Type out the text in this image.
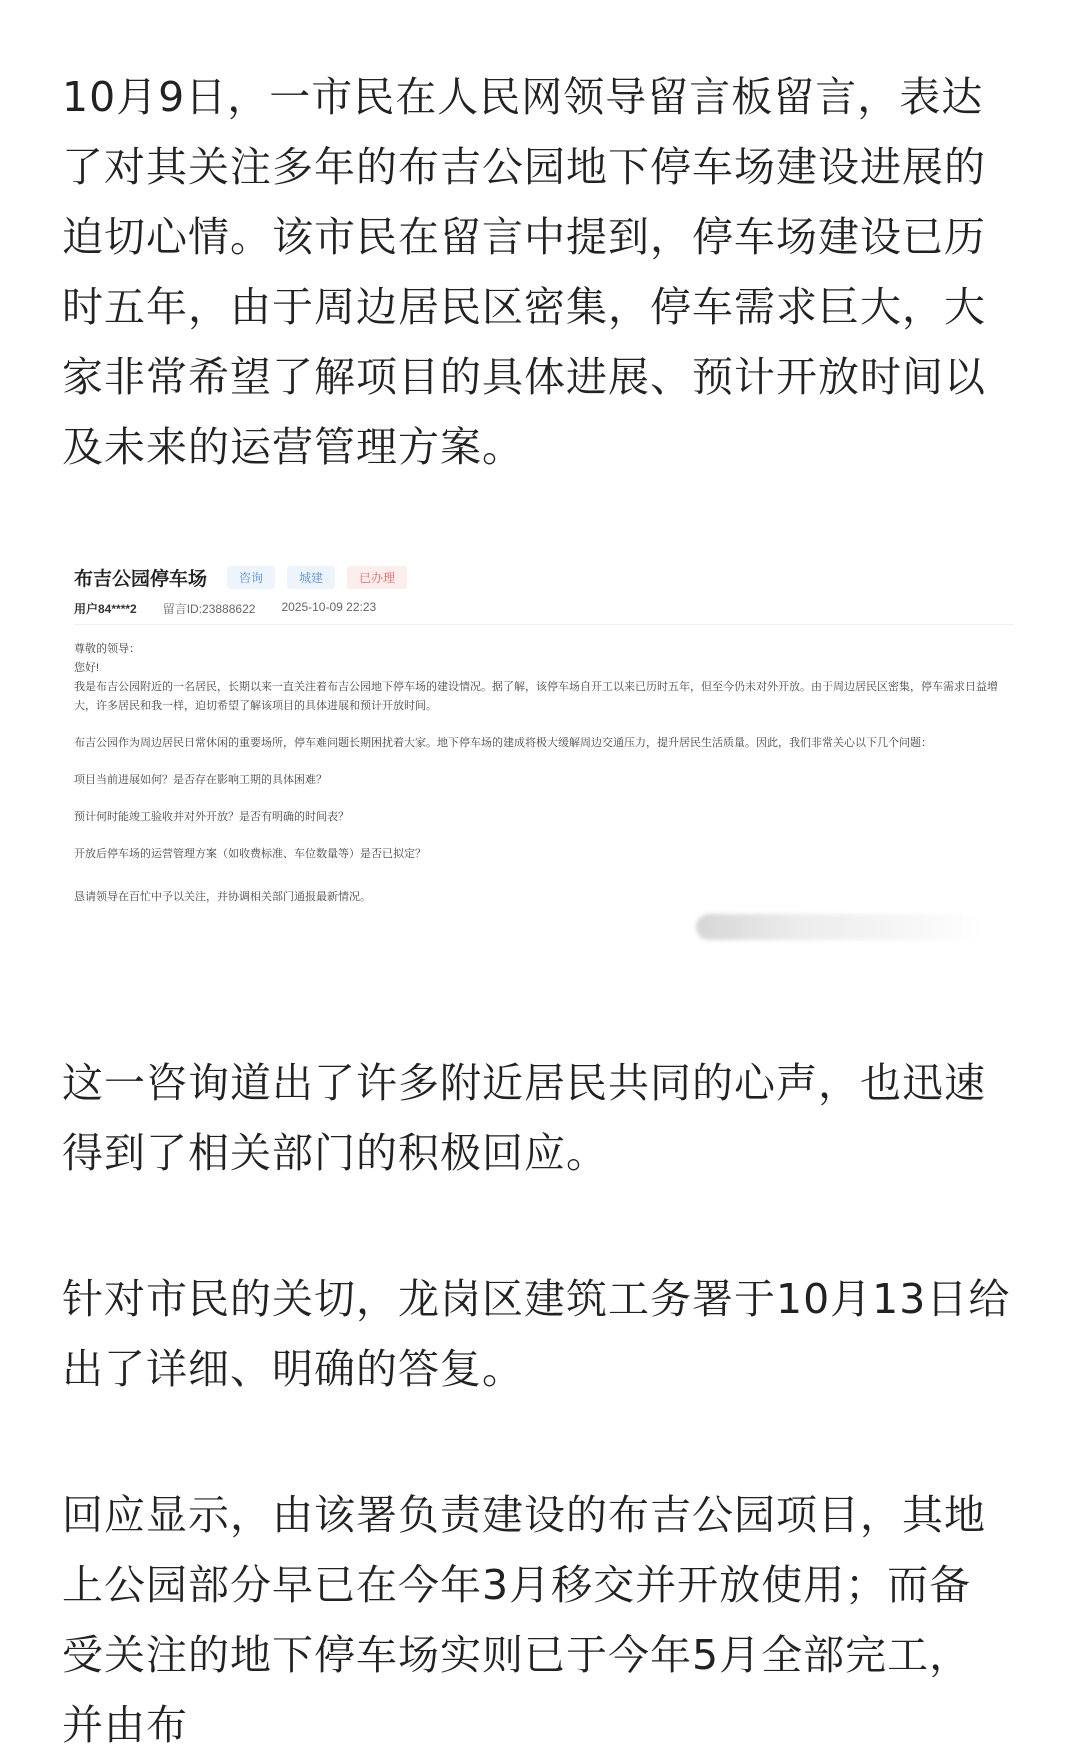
10月9日，一市民在人民网领导留言板留言，表达了对其关注多年的布吉公园地下停车场建设进展的迫切心情。该市民在留言中提到，停车场建设已历时五年，由于周边居民区密集，停车需求巨大，大家非常希望了解项目的具体进展、预计开放时间以及未来的运营管理方案。

这一咨询道出了许多附近居民共同的心声，也迅速得到了相关部门的积极回应。

针对市民的关切，龙岗区建筑工务署于10月13日给出了详细、明确的答复。

回应显示，由该署负责建设的布吉公园项目，其地上公园部分早已在今年3月移交并开放使用；而备受关注的地下停车场实则已于今年5月全部完工，并由布

布吉公园停车场	咨询	城建	已办理
用户84****2 留言ID:23888622 2025-10-09 22:23

尊敬的领导：

您好!

我是布吉公园附近的一名居民，长期以来一直关注着布吉公园地下停车场的建设情况。据了解，该停车场自开工以来已历时五年，但至今仍未对外开放。由于周边居民区密集，停车需求日益增大，许多居民和我一样，迫切希望了解该项目的具体进展和预计开放时间。

布吉公园作为周边居民日常休闲的重要场所，停车难问题长期困扰着大家。地下停车场的建成将极大缓解周边交通压力，提升居民生活质量。因此，我们非常关心以下几个问题：

项目当前进展如何？是否存在影响工期的具体困难？

预计何时能竣工验收并对外开放？是否有明确的时间表？

开放后停车场的运营管理方案（如收费标准、车位数量等）是否已拟定？

恳请领导在百忙中予以关注，并协调相关部门通报最新情况。
